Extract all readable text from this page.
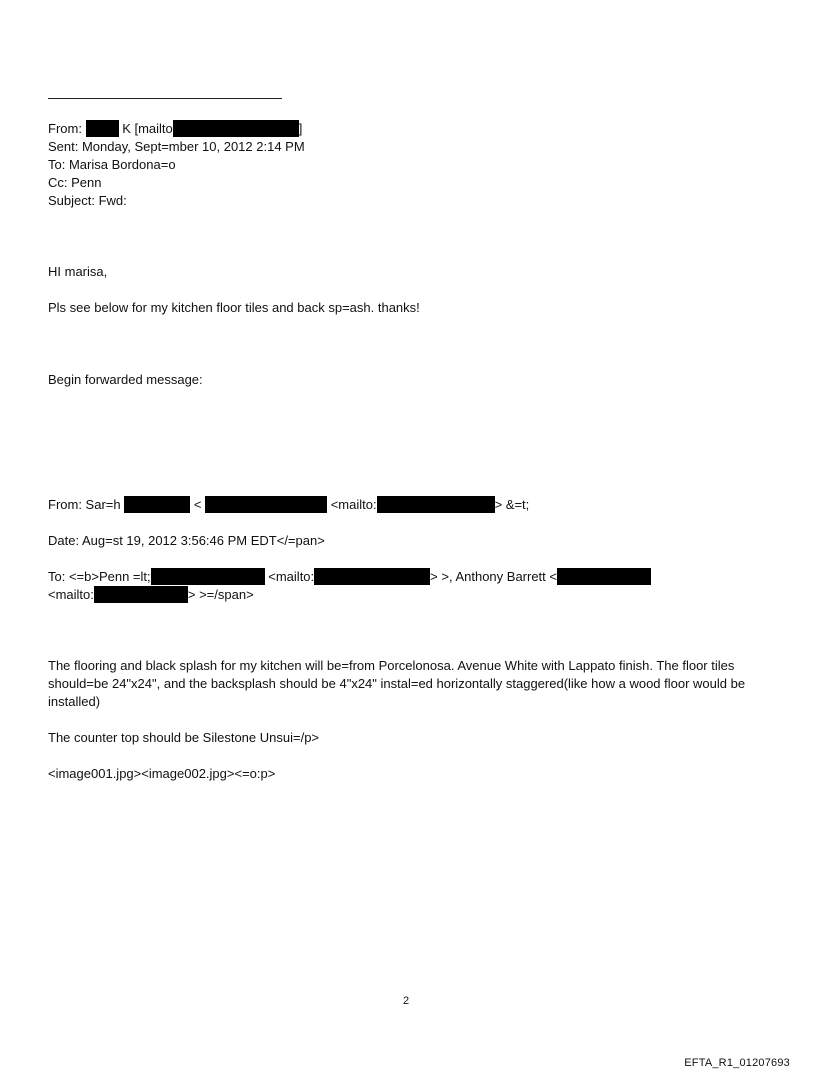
From:	K [mailto	]
Sent: Monday, Sept=mber 10, 2012 2:14 PM
To: Marisa Bordona=o
Cc: Penn
Subject: Fwd:
HI marisa,
Pls see below for my kitchen floor tiles and back sp=ash. thanks!
Begin forwarded message:
From: Sar=h	<	<mailto:	> &=t;
Date: Aug=st 19, 2012 3:56:46 PM EDT</=pan>
To: <=b>Penn =lt;	<mailto:	> >, Anthony Barrett <
<mailto:	> >=/span>
The flooring and black splash for my kitchen will be=from Porcelonosa. Avenue White with Lappato finish. The floor tiles should=be 24"x24", and the backsplash should be 4"x24" instal=ed horizontally staggered(like how a wood floor would be installed)
The counter top should be Silestone Unsui=/p>
<image001.jpg><image002.jpg><=o:p>
2
EFTA_R1_01207693
